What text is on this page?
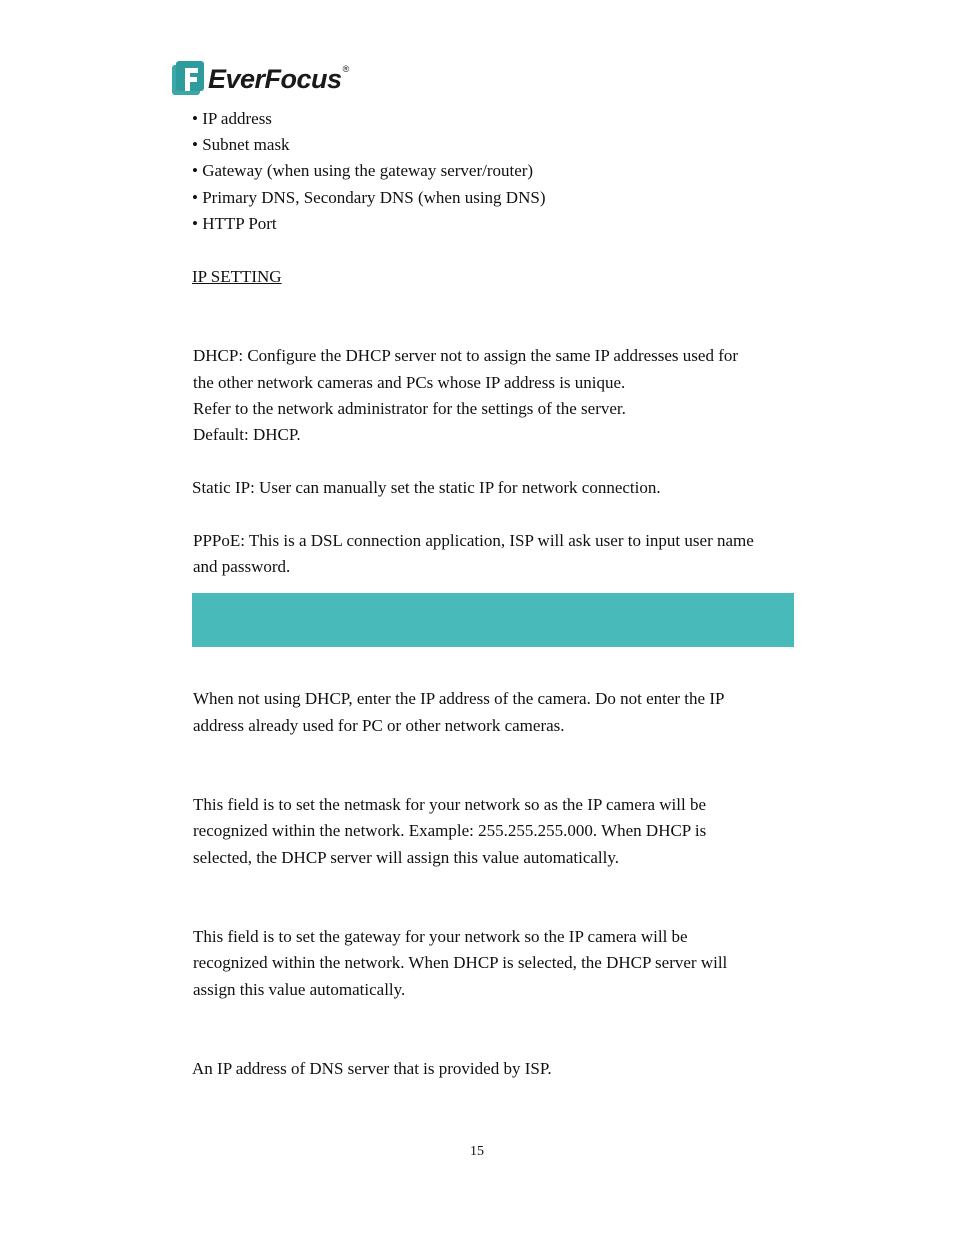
EverFocus ®
• IP address
• Subnet mask
• Gateway (when using the gateway server/router)
• Primary DNS, Secondary DNS (when using DNS)
• HTTP Port
IP SETTING
DHCP: Configure the DHCP server not to assign the same IP addresses used for
the other network cameras and PCs whose IP address is unique.
Refer to the network administrator for the settings of the server.
Default: DHCP.
Static IP: User can manually set the static IP for network connection.
PPPoE: This is a DSL connection application, ISP will ask user to input user name
and password.
When not using DHCP, enter the IP address of the camera. Do not enter the IP
address already used for PC or other network cameras.
This field is to set the netmask for your network so as the IP camera will be
recognized within the network. Example: 255.255.255.000. When DHCP is
selected, the DHCP server will assign this value automatically.
This field is to set the gateway for your network so the IP camera will be
recognized within the network. When DHCP is selected, the DHCP server will
assign this value automatically.
An IP address of DNS server that is provided by ISP.
15
